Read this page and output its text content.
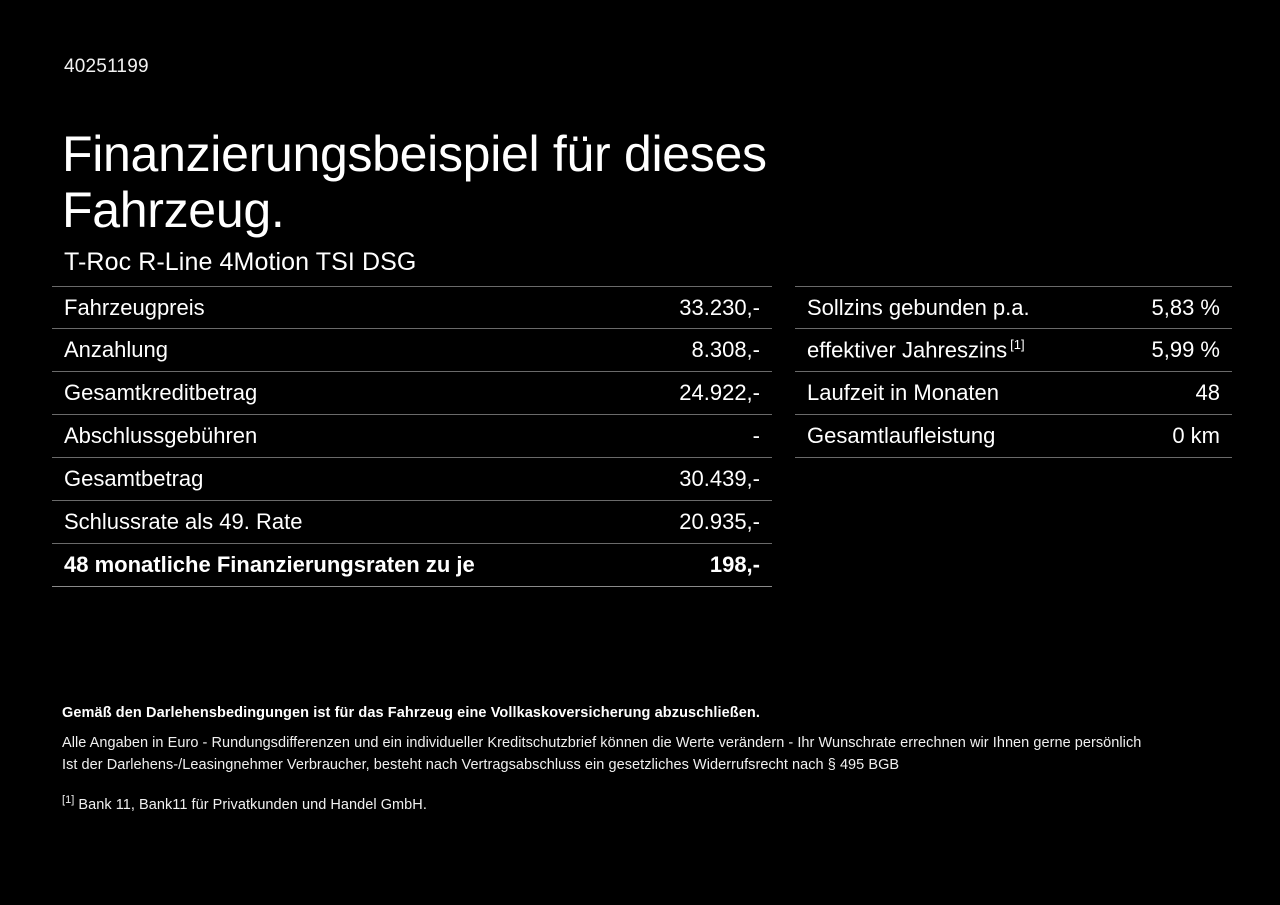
40251199
Finanzierungsbeispiel für dieses Fahrzeug.
T-Roc R-Line 4Motion TSI DSG
Fahrzeugpreis	33.230,-
Anzahlung	8.308,-
Gesamtkreditbetrag	24.922,-
Abschlussgebühren	-
Gesamtbetrag	30.439,-
Schlussrate als 49. Rate	20.935,-
48 monatliche Finanzierungsraten zu je	198,-
Sollzins gebunden p.a.	5,83 %
effektiver Jahreszins [1]	5,99 %
Laufzeit in Monaten	48
Gesamtlaufleistung	0 km
Gemäß den Darlehensbedingungen ist für das Fahrzeug eine Vollkaskoversicherung abzuschließen.
Alle Angaben in Euro - Rundungsdifferenzen und ein individueller Kreditschutzbrief können die Werte verändern - Ihr Wunschrate errechnen wir Ihnen gerne persönlich
Ist der Darlehens-/Leasingnehmer Verbraucher, besteht nach Vertragsabschluss ein gesetzliches Widerrufsrecht nach § 495 BGB
[1] Bank 11, Bank11 für Privatkunden und Handel GmbH.
